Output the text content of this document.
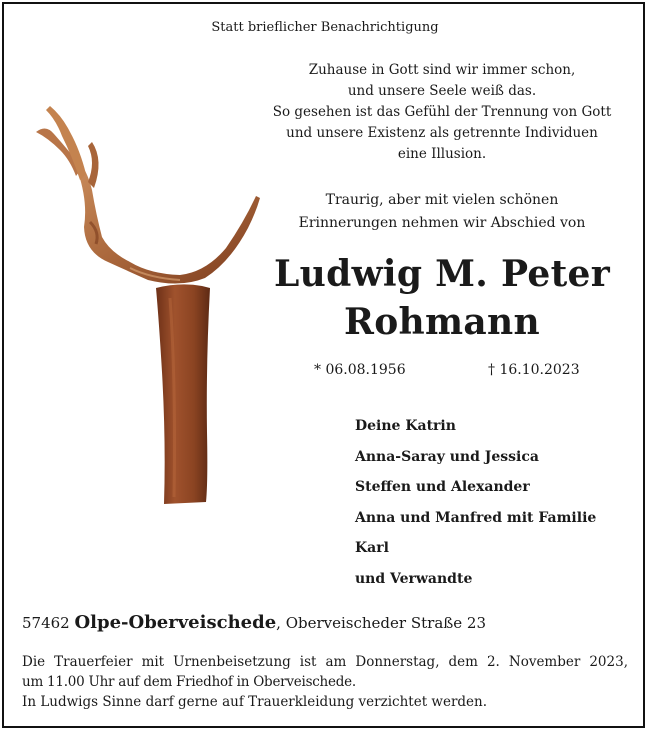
Statt brieflicher Benachrichtigung
Zuhause in Gott sind wir immer schon,
und unsere Seele weiß das.
So gesehen ist das Gefühl der Trennung von Gott
und unsere Existenz als getrennte Individuen
eine Illusion.
Traurig, aber mit vielen schönen
Erinnerungen nehmen wir Abschied von
Ludwig M. Peter
Rohmann
* 06.08.1956	† 16.10.2023
Deine Katrin
Anna-Saray und Jessica
Steffen und Alexander
Anna und Manfred mit Familie
Karl
und Verwandte
57462 Olpe-Oberveischede, Oberveischeder Straße 23
Die Trauerfeier mit Urnenbeisetzung ist am Donnerstag, dem 2. November 2023,
um 11.00 Uhr auf dem Friedhof in Oberveischede.
In Ludwigs Sinne darf gerne auf Trauerkleidung verzichtet werden.
